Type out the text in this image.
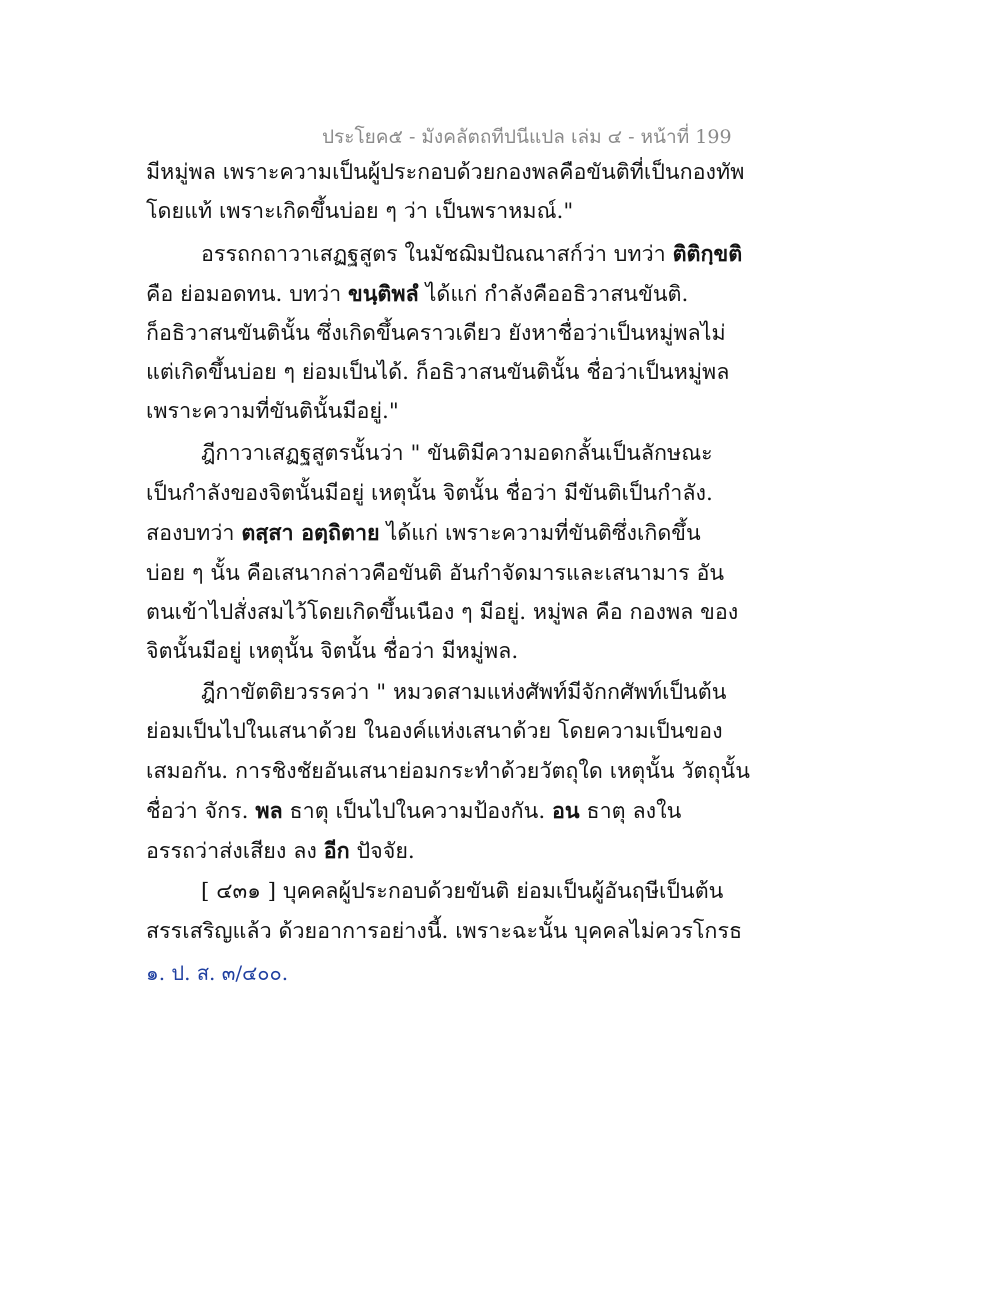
ประโยค๕ - มังคลัตถทีปนีแปล เล่ม ๔ - หน้าที่ 199
มีหมู่พล เพราะความเป็นผู้ประกอบด้วยกองพลคือขันติที่เป็นกองทัพ
โดยแท้ เพราะเกิดขึ้นบ่อย ๆ ว่า เป็นพราหมณ์."
อรรถกถาวาเสฏฐสูตร ในมัชฌิมปัณณาสก์ว่า บทว่า ติติกฺขติ
คือ ย่อมอดทน. บทว่า ขนฺติพลํ ได้แก่ กำลังคืออธิวาสนขันติ.
ก็อธิวาสนขันตินั้น ซึ่งเกิดขึ้นคราวเดียว ยังหาชื่อว่าเป็นหมู่พลไม่
แต่เกิดขึ้นบ่อย ๆ ย่อมเป็นได้. ก็อธิวาสนขันตินั้น ชื่อว่าเป็นหมู่พล
เพราะความที่ขันตินั้นมีอยู่."
ฎีกาวาเสฏฐสูตรนั้นว่า " ขันติมีความอดกลั้นเป็นลักษณะ
เป็นกำลังของจิตนั้นมีอยู่ เหตุนั้น จิตนั้น ชื่อว่า มีขันติเป็นกำลัง.
สองบทว่า ตสฺสา อตฺถิตาย ได้แก่ เพราะความที่ขันติซึ่งเกิดขึ้น
บ่อย ๆ นั้น คือเสนากล่าวคือขันติ อันกำจัดมารและเสนามาร อัน
ตนเข้าไปสั่งสมไว้โดยเกิดขึ้นเนือง ๆ มีอยู่. หมู่พล คือ กองพล ของ
จิตนั้นมีอยู่ เหตุนั้น จิตนั้น ชื่อว่า มีหมู่พล.
ฎีกาขัตติยวรรคว่า " หมวดสามแห่งศัพท์มีจักกศัพท์เป็นต้น
ย่อมเป็นไปในเสนาด้วย ในองค์แห่งเสนาด้วย โดยความเป็นของ
เสมอกัน. การชิงชัยอันเสนาย่อมกระทำด้วยวัตถุใด เหตุนั้น วัตถุนั้น
ชื่อว่า จักร. พล ธาตุ เป็นไปในความป้องกัน. อน ธาตุ ลงใน
อรรถว่าส่งเสียง ลง อีก ปัจจัย.
[ ๔๓๑ ] บุคคลผู้ประกอบด้วยขันติ ย่อมเป็นผู้อันฤษีเป็นต้น
สรรเสริญแล้ว ด้วยอาการอย่างนี้. เพราะฉะนั้น บุคคลไม่ควรโกรธ
๑. ป. ส. ๓/๔๐๐.
